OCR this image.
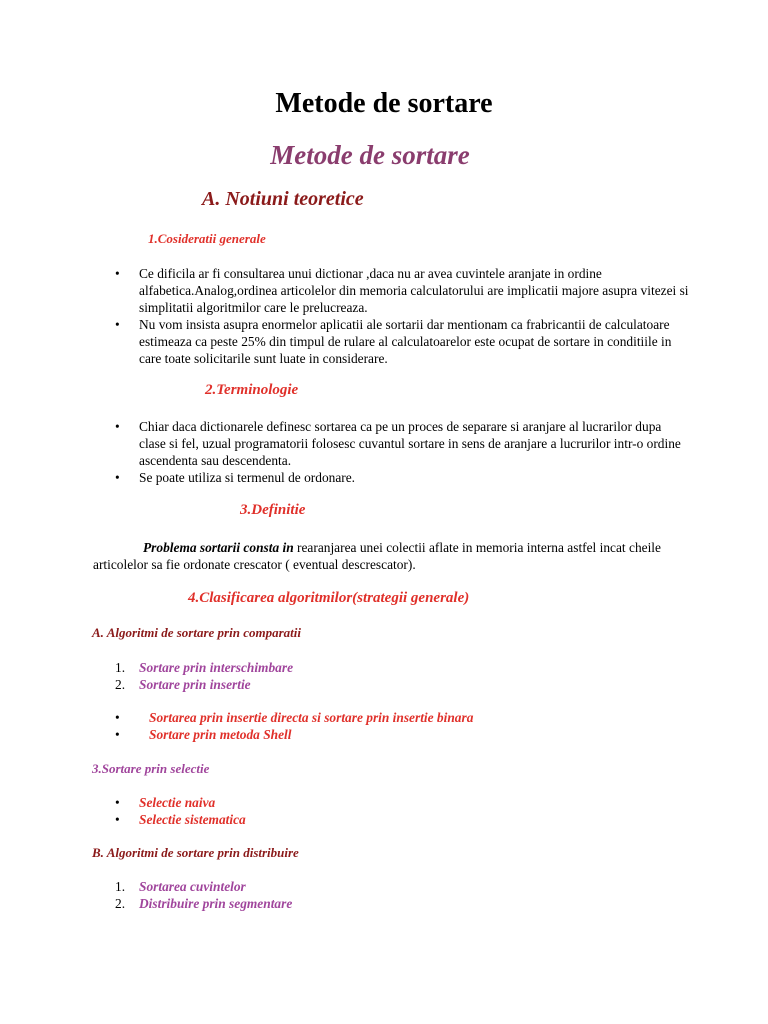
Metode de sortare
Metode de sortare
A. Notiuni teoretice
1.Cosideratii generale
• Ce dificila ar fi consultarea unui dictionar ,daca nu ar avea cuvintele aranjate in ordine alfabetica.Analog,ordinea articolelor din memoria calculatorului are implicatii majore asupra vitezei si simplitatii algoritmilor care le prelucreaza.
• Nu vom insista asupra enormelor aplicatii ale sortarii dar mentionam ca frabricantii de calculatoare estimeaza ca peste 25% din timpul de rulare al calculatoarelor este ocupat de sortare in conditiile in care toate solicitarile sunt luate in considerare.
2.Terminologie
• Chiar daca dictionarele definesc sortarea ca pe un proces de separare si aranjare al lucrarilor dupa clase si fel, uzual programatorii folosesc cuvantul sortare in sens de aranjare a lucrurilor intr-o ordine ascendenta sau descendenta.
• Se poate utiliza si termenul de ordonare.
3.Definitie
Problema sortarii consta in rearanjarea unei colectii aflate in memoria interna astfel incat cheile articolelor sa fie ordonate crescator ( eventual descrescator).
4.Clasificarea algoritmilor(strategii generale)
A. Algoritmi de sortare prin comparatii
1. Sortare prin interschimbare
2. Sortare prin insertie
• Sortarea prin insertie directa si sortare prin insertie binara
• Sortare prin metoda Shell
3.Sortare prin selectie
• Selectie naiva
• Selectie sistematica
B. Algoritmi de sortare prin distribuire
1. Sortarea cuvintelor
2. Distribuire prin segmentare
